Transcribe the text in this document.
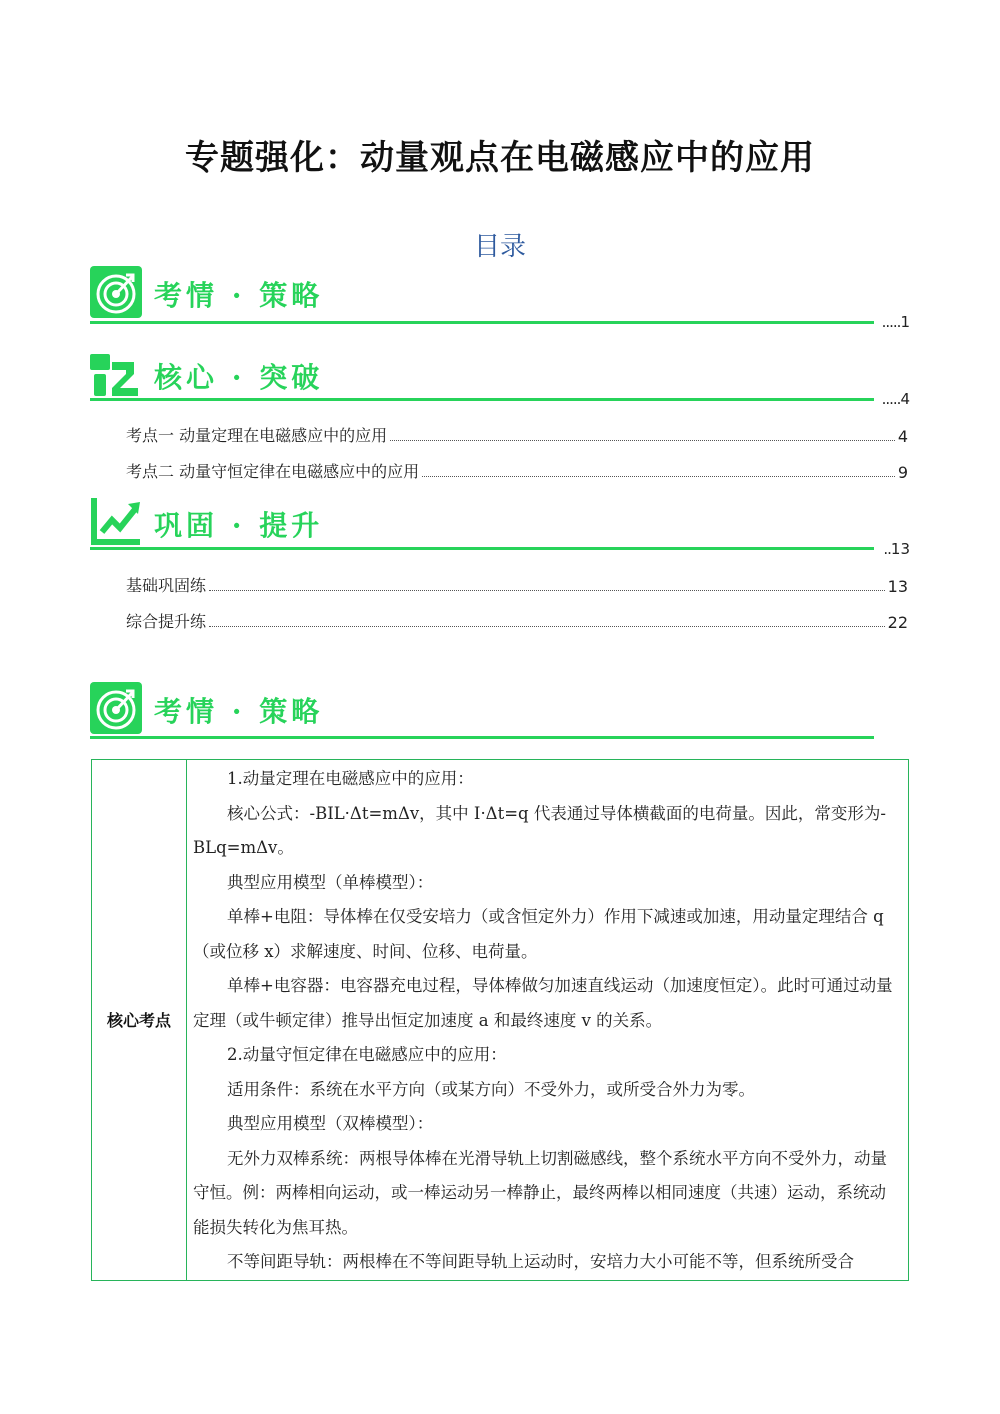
专题强化：动量观点在电磁感应中的应用
目录
考情 · 策略
.....1
核心 · 突破
.....4
考点一 动量定理在电磁感应中的应用	4
考点二 动量守恒定律在电磁感应中的应用	9
巩固 · 提升
..13
基础巩固练	13
综合提升练	22
考情 · 策略
核心考点	

1.动量定理在电磁感应中的应用：

核心公式：-BIL·Δt=mΔv，其中 I·Δt=q 代表通过导体横截面的电荷量。因此，常变形为-BLq=mΔv。

典型应用模型（单棒模型）：

单棒+电阻：导体棒在仅受安培力（或含恒定外力）作用下减速或加速，用动量定理结合 q（或位移 x）求解速度、时间、位移、电荷量。

单棒+电容器：电容器充电过程，导体棒做匀加速直线运动（加速度恒定）。此时可通过动量定理（或牛顿定律）推导出恒定加速度 a 和最终速度 v 的关系。

2.动量守恒定律在电磁感应中的应用：

适用条件：系统在水平方向（或某方向）不受外力，或所受合外力为零。

典型应用模型（双棒模型）：

无外力双棒系统：两根导体棒在光滑导轨上切割磁感线，整个系统水平方向不受外力，动量守恒。例：两棒相向运动，或一棒运动另一棒静止，最终两棒以相同速度（共速）运动，系统动能损失转化为焦耳热。

不等间距导轨：两根棒在不等间距导轨上运动时，安培力大小可能不等，但系统所受合
